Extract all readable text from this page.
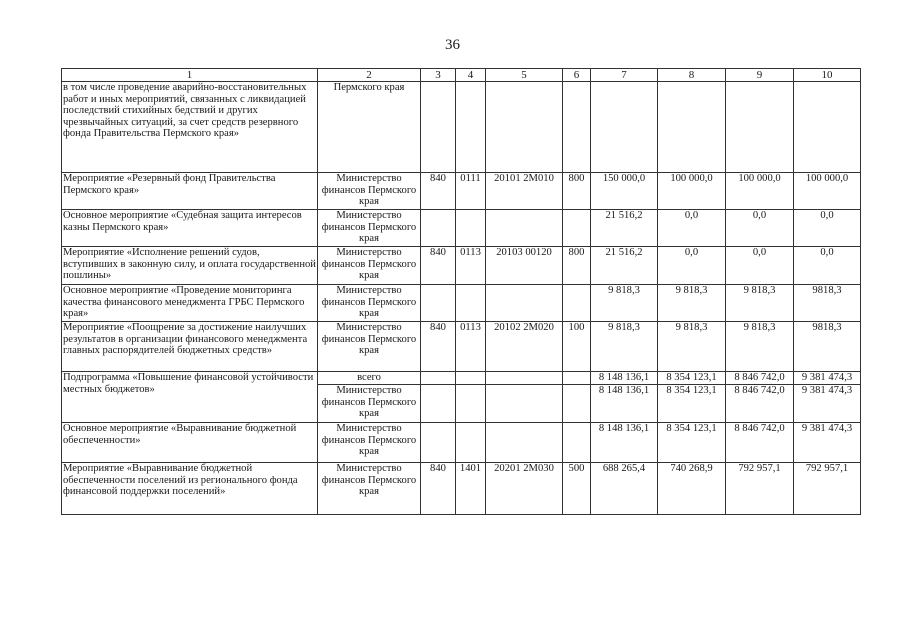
36
1	2	3	4	5	6	7	8	9	10
в том числе проведение аварийно-восстановительных работ и иных мероприятий, связанных с ликвидацией последствий стихийных бедствий и других чрезвычайных ситуаций, за счет средств резервного фонда Правительства Пермского края»	Пермского края								
Мероприятие «Резервный фонд Правительства Пермского края»	Министерство финансов Пермского края	840	0111	20101 2М010	800	150 000,0	100 000,0	100 000,0	100 000,0
Основное мероприятие «Судебная защита интересов казны Пермского края»	Министерство финансов Пермского края					21 516,2	0,0	0,0	0,0
Мероприятие «Исполнение решений судов, вступивших в законную силу, и оплата государственной пошлины»	Министерство финансов Пермского края	840	0113	20103 00120	800	21 516,2	0,0	0,0	0,0
Основное мероприятие «Проведение мониторинга качества финансового менеджмента ГРБС Пермского края»	Министерство финансов Пермского края					9 818,3	9 818,3	9 818,3	9818,3
Мероприятие «Поощрение за достижение наилучших результатов в организации финансового менеджмента главных распорядителей бюджетных средств»	Министерство финансов Пермского края	840	0113	20102 2М020	100	9 818,3	9 818,3	9 818,3	9818,3
Подпрограмма «Повышение финансовой устойчивости местных бюджетов»	всего					8 148 136,1	8 354 123,1	8 846 742,0	9 381 474,3
	Министерство финансов Пермского края					8 148 136,1	8 354 123,1	8 846 742,0	9 381 474,3
Основное мероприятие «Выравнивание бюджетной обеспеченности»	Министерство финансов Пермского края					8 148 136,1	8 354 123,1	8 846 742,0	9 381 474,3
Мероприятие «Выравнивание бюджетной обеспеченности поселений из регионального фонда финансовой поддержки поселений»	Министерство финансов Пермского края	840	1401	20201 2М030	500	688 265,4	740 268,9	792 957,1	792 957,1
